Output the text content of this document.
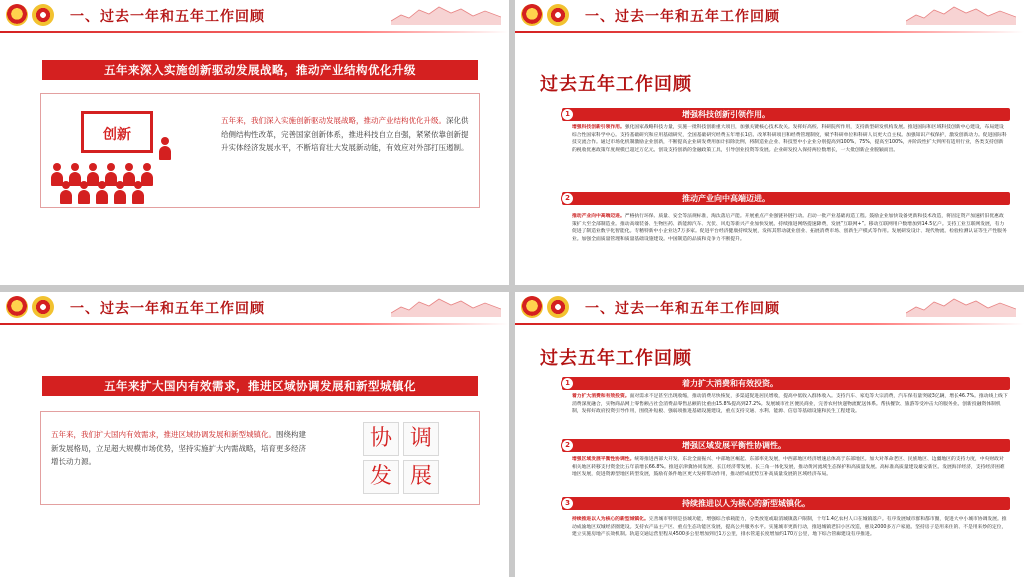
一、过去一年和五年工作回顾
五年来深入实施创新驱动发展战略，推动产业结构优化升级
创新
五年来，我们深入实施创新驱动发展战略，推动产业结构优化升级。深化供给侧结构性改革，完善国家创新体系，推进科技自立自强，紧紧依靠创新提升实体经济发展水平，不断培育壮大发展新动能，有效应对外部打压遏制。
一、过去一年和五年工作回顾
过去五年工作回顾
增强科技创新引领作用。
1
增强科技创新引领作用。强化国家战略科技力量，实施一批科技创新重大项目，加强关键核心技术攻关。发挥好高校、科研院所作用，支持新型研发机构发展。推进国际和区域科技创新中心建设，布局建设综合性国家科学中心。支持基础研究和应用基础研究，全国基础研究经费五年增长1倍。改革科研项目和经费管理制度，赋予科研单位和科研人员更大自主权。加强知识产权保护，激发创新动力。促进国际科技交流合作。通过市场化机制激励企业创新，不断提高企业研发费用加计扣除比例，将制造业企业、科技型中小企业分别提高到100%，75%，提高至100%，并阶段性扩大到所有适用行业，各类支持创新的税收优惠政策年度规模已超过万亿元。创设支持创新的金融政策工具，引导创业投资等发展。企业研发投入保持两位数增长，一大批创新企业脱颖而出。
推动产业向中高端迈进。
2
推动产业向中高端迈进。严格执行环保、质量、安全等法规标准，淘汰落后产能。开展重点产业强链补链行动。启动一批产业基础再造工程。鼓励企业加快设备更新和技术改造，将固定资产加速折旧优惠政策扩大至全部制造业。推动高端装备、生物医药、新能源汽车、光伏、风电等新兴产业加快发展。持续推进网络提速降费，发展“互联网+”。移动互联网用户数增加到14.5亿户。支持工业互联网发展，有力促进了制造业数字化智能化。专精特新中小企业达7万多家。促进平台经济健康持续发展，发挥其带动就业创业、拓展消费市场、创新生产模式等作用。发展研发设计、现代物流、检验检测认证等生产性服务业。加强全面质量管理和质量基础设施建设。中国制造的品质和竞争力不断提升。
一、过去一年和五年工作回顾
五年来扩大国内有效需求，推进区域协调发展和新型城镇化
五年来，我们扩大国内有效需求，推进区域协调发展和新型城镇化。围绕构建新发展格局，立足超大规模市场优势，坚持实施扩大内需战略，培育更多经济增长动力源。
协 调
发 展
一、过去一年和五年工作回顾
过去五年工作回顾
着力扩大消费和有效投资。
1
着力扩大消费和有效投资。面对需求不足甚至出现收缩，推动消费尽快恢复，多渠道促进居民增收，提高中低收入群体收入。支持汽车、家电等大宗消费，汽车保有量突破3亿辆，增长46.7%。推动线上线下消费深度融合，实物商品网上零售额占社会消费品零售总额的比重由15.8%提高到27.2%。发展城市社区便民商业，完善农村快递物流配送体系。帮扶餐饮、旅游等受冲击大的服务业。创新投融资体制机制，发挥好政府投资引导作用，围绕补短板、强弱项推进基础设施建设，重点支持交通、水利、能源、信息等基础设施和民生工程建设。
增强区域发展平衡性协调性。
2
增强区域发展平衡性协调性。统筹推进西部大开发、东北全面振兴、中部地区崛起、东部率先发展，中西部地区经济增速总体高于东部地区。加大对革命老区、民族地区、边疆地区的支持力度，中央财政对相关地区转移支付资金比五年前增长66.8%。推进京津冀协同发展、长江经济带发展、长三角一体化发展，推动黄河流域生态保护和高质量发展。高标准高质量建设雄安新区。发展海洋经济，支持经济困难地区发展，促进资源型地区转型发展，鼓励有条件地区更大发挥带动作用，推动形成优势互补高质量发展的区域经济布局。
持续推进以人为核心的新型城镇化。
3
持续推进以人为核心的新型城镇化。完善城市特别是县城功能，增强综合承载能力，分类放宽或取消城镇落户限制，十年1.4亿农村人口在城镇落户。有序发展城市群和都市圈，促进大中小城市协调发展。推动成渝地区双城经济圈建设。支持农产品主产区、重点生态功能区发展，提高公共服务水平。实施城市更新行动，推进城镇老旧小区改造，惠及2000多万户家庭。坚持房子是用来住的、不是用来炒的定位，建立实施房地产长效机制。轨道交通运营里程从4500多公里增加到近1万公里，排水管道长度增加约170万公里，地下综合管廊建设有序推进。
